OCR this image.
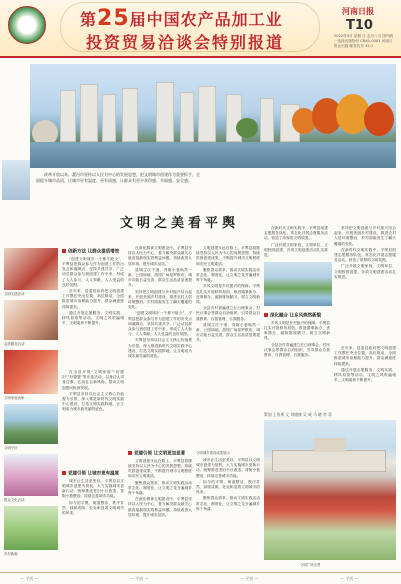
第25届中国农产品加工业
投资贸易洽谈会特别报道
河南日报
T10
2022年9月 星期 日 农历八月 国内统一连续出版物号 CN41-0001 河南日报社出版 邮发代号 35-1

改革开放以来，漯河市坚持以人民为中心的发展思想，把文明城市创建作为重要抓手，全面提升城市品质，让城市更有温度、更有质感，让群众有更多获得感、幸福感、安全感。

文明之美看平舆
文明实践活动
志愿服务活动
文明家庭表彰
文明小区
群众文化活动
乡村新貌
创新方法 让群众提质增效

“创建文明城市一个都不能少”，平舆县把群众参与作为创建工作的出发点和落脚点，坚持共建共享，广泛动员群众参与到创建工作中来，形成了人人参与、人人奉献、人人受益的良好氛围。

近年来，县委县政府把文明创建工作摆在突出位置，高位推动，全面推进城市治理能力提升，群众满意度持续提高。

通过开展志愿服务、文明实践、移风易俗等活动，文明之风吹遍城乡，文明素养不断提升。

在全县开展“文明家庭”“好媳妇”“好婆婆”等评选活动，以身边人讲身边事，弘扬社会新风尚，推动文明创建向纵深发展。

平舆县坚持以社会主义核心价值观为引领，深入推进新时代文明实践中心建设，打造文明实践阵地，让文明成为城市最亮丽的底色。

党建引领 让城市更有温度

城市让生活更美好。平舆县以文明城市创建为契机，大力实施城市更新行动，统筹推进老旧小区改造、背街小巷整治，持续完善城市功能。

如今的平舆，街道整洁、秩序井然、绿树成荫，处处彰显着文明城市的风采。

在深化精神文明建设中，平舆县坚持以人民为中心，着力解决群众最关心最直接最现实的利益问题，持续改善人居环境，提升城市品质。

县城主次干道、背街小巷焕然一新，公园绿地、游园广场星罗棋布，城市功能日益完善，群众生活品质显著提升。

坚持把文明创建与乡村振兴结合起来，开展美丽乡村建设，推进农村人居环境整治，乡村面貌发生了翻天覆地的变化。

“创建文明城市一个都不能少”，平舆县把群众参与作为创建工作的出发点和落脚点，坚持共建共享，广泛动员群众参与到创建工作中来，形成了人人参与、人人奉献、人人受益的良好氛围。

平舆县坚持以社会主义核心价值观为引领，深入推进新时代文明实践中心建设，打造文明实践阵地，让文明成为城市最亮丽的底色。

党建引领 让文明更加显著

文明创建永远在路上。平舆县将继续坚持以人民为中心的发展思想，持续巩固创建成果，不断提升城市文明程度和市民文明素质。

聚焦群众需求，推动文明实践活动常态化、制度化，让文明之花开遍城乡每个角落。

在深化精神文明建设中，平舆县坚持以人民为中心，着力解决群众最关心最直接最现实的利益问题，持续改善人居环境，提升城市品质。

文明创建永远在路上。平舆县将继续坚持以人民为中心的发展思想，持续巩固创建成果，不断提升城市文明程度和市民文明素质。

聚焦群众需求，推动文明实践活动常态化、制度化，让文明之花开遍城乡每个角落。

乡风文明是乡村振兴的保障。平舆县扎实开展移风易俗，推进婚事新办、丧事简办，破除陈规陋习，树立文明新风。

全县各村普遍建立红白理事会、村民议事会等群众自治组织，引导群众自我教育、自我管理、自我服务。

县城主次干道、背街小巷焕然一新，公园绿地、游园广场星罗棋布，城市功能日益完善，群众生活品质显著提升。

在新时代文明实践中，平舆县组建志愿服务队伍，常态化开展志愿服务活动，营造了浓厚的文明氛围。

广泛开展文明家庭、文明单位、文明校园创建，各项文明创建活动扎实推进。

坚持把文明创建与乡村振兴结合起来，开展美丽乡村建设，推进农村人居环境整治，乡村面貌发生了翻天覆地的变化。

在新时代文明实践中，平舆县组建志愿服务队伍，常态化开展志愿服务活动，营造了浓厚的文明氛围。

广泛开展文明家庭、文明单位、文明校园创建，各项文明创建活动扎实推进。

深化融合 让乡风焕然新貌

乡风文明是乡村振兴的保障。平舆县扎实开展移风易俗，推进婚事新办、丧事简办，破除陈规陋习，树立文明新风。

全县各村普遍建立红白理事会、村民议事会等群众自治组织，引导群众自我教育、自我管理、自我服务。

近年来，县委县政府把文明创建工作摆在突出位置，高位推动，全面推进城市治理能力提升，群众满意度持续提高。

通过开展志愿服务、文明实践、移风易俗等活动，文明之风吹遍城乡，文明素养不断提升。

策划 王智勇 文 刘晓康 吴 威 马 晓 李 菲
文明广场全景
文明城市建设成果展示

城市让生活更美好。平舆县以文明城市创建为契机，大力实施城市更新行动，统筹推进老旧小区改造、背街小巷整治，持续完善城市功能。

如今的平舆，街道整洁、秩序井然、绿树成荫，处处彰显着文明城市的风采。

聚焦群众需求，推动文明实践活动常态化、制度化，让文明之花开遍城乡每个角落。

— 平舆 —	— 平舆 —	— 平舆 —	— 平舆 —
